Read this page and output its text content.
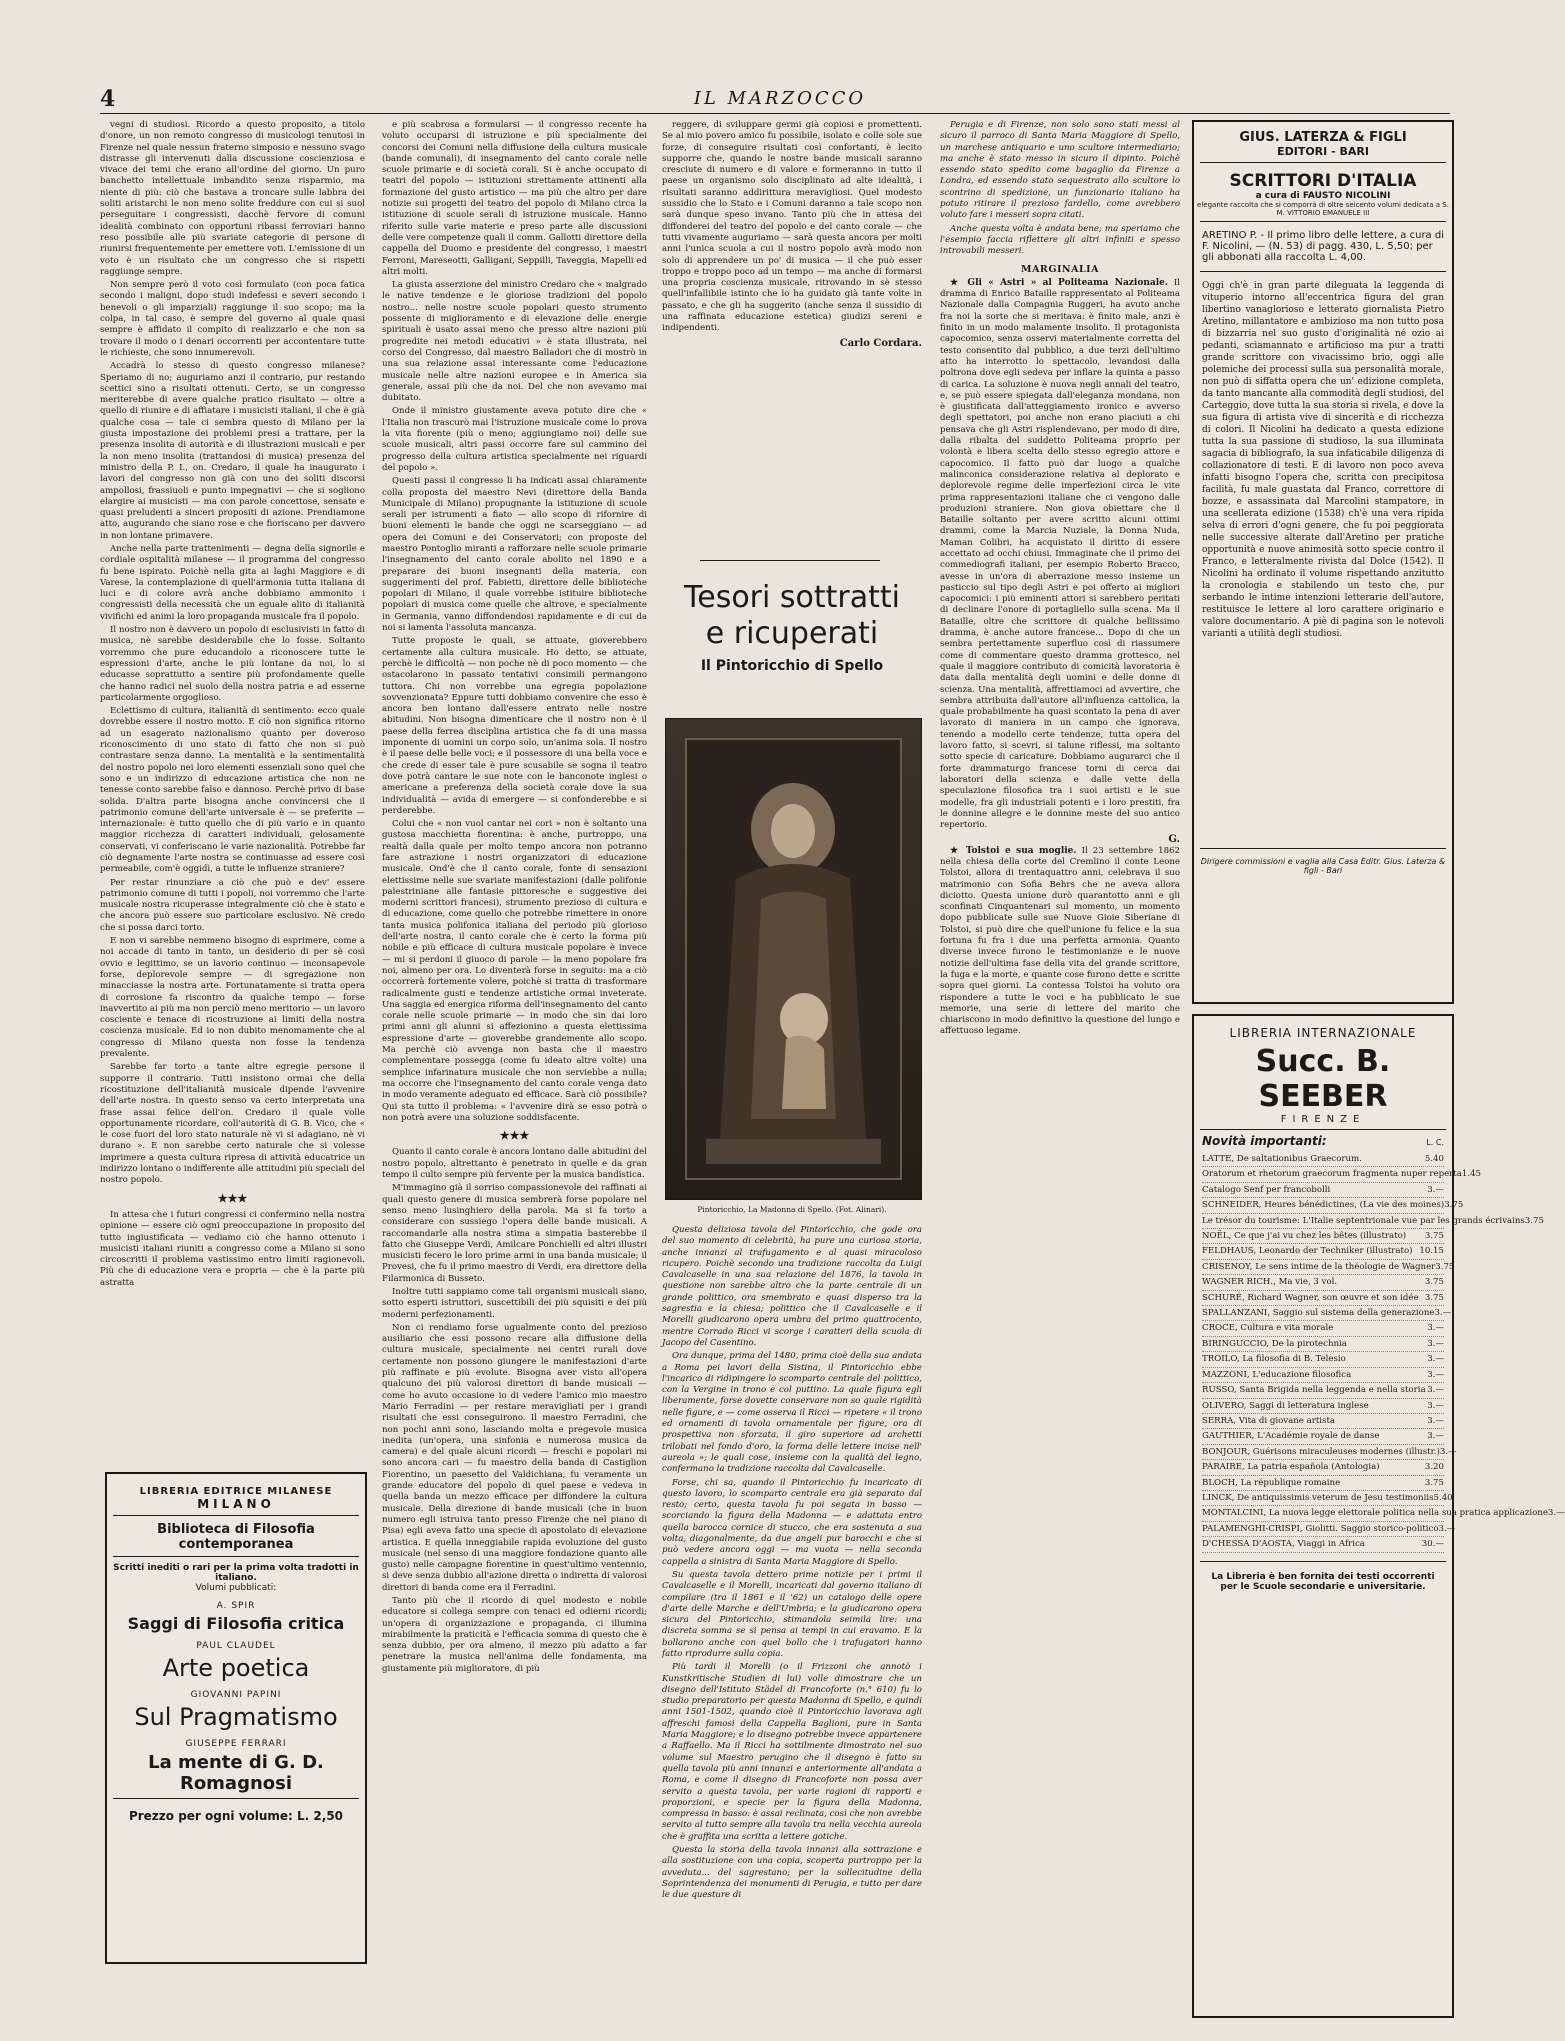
4	IL MARZOCCO

vegni di studiosi. Ricordo a questo proposito, a titolo d'onore, un non remoto congresso di musicologi tenutosi in Firenze nel quale nessun fraterno simposio e nessuno svago distrasse gli intervenuti dalla discussione coscienziosa e vivace dei temi che erano all'ordine del giorno. Un puro banchetto intellettuale imbandito senza risparmio, ma niente di più: ciò che bastava a troncare sulle labbra dei soliti aristarchi le non meno solite freddure con cui si suol perseguitare i congressisti, dacchè fervore di comuni idealità combinato con opportuni ribassi ferroviari hanno reso possibile alle più svariate categorie di persone di riunirsi frequentemente per emettere voti. L'emissione di un voto è un risultato che un congresso che si rispetti raggiunge sempre.

Non sempre però il voto così formulato (con poca fatica secondo i maligni, dopo studi indefessi e severi secondo i benevoli o gli imparziali) raggiunge il suo scopo; ma la colpa, in tal caso, è sempre del governo al quale quasi sempre è affidato il compito di realizzarlo e che non sa trovare il modo o i denari occorrenti per accontentare tutte le richieste, che sono innumerevoli.

Accadrà lo stesso di questo congresso milanese? Speriamo di no; auguriamo anzi il contrario, pur restando scettici sino a risultati ottenuti. Certo, se un congresso meriterebbe di avere qualche pratico risultato — oltre a quello di riunire e di affiatare i musicisti italiani, il che è già qualche cosa — tale ci sembra questo di Milano per la giusta impostazione dei problemi presi a trattare, per la presenza insolita di autorità e di illustrazioni musicali e per la non meno insolita (trattandosi di musica) presenza del ministro della P. I., on. Credaro, il quale ha inaugurato i lavori del congresso non già con uno dei soliti discorsi ampollosi, frassiuoli e punto impegnativi — che si sogliono elargire ai musicisti — ma con parole concettose, sensate e quasi preludenti a sinceri propositi di azione. Prendiamone atto, augurando che siano rose e che fioriscano per davvero in non lontane primavere.

Anche nella parte trattenimenti — degna della signorile e cordiale ospitalità milanese — il programma del congresso fu bene ispirato. Poichè nella gita ai laghi Maggiore e di Varese, la contemplazione di quell'armonia tutta italiana di luci e di colore avrà anche dobbiamo ammonito i congressisti della necessità che un eguale alito di italianità vivifichi ed animi la loro propaganda musicale fra il popolo.

Il nostro non è davvero un popolo di esclusivisti in fatto di musica, nè sarebbe desiderabile che lo fosse. Soltanto vorremmo che pure educandolo a riconoscere tutte le espressioni d'arte, anche le più lontane da noi, lo si educasse soprattutto a sentire più profondamente quelle che hanno radici nel suolo della nostra patria e ad esserne particolarmente orgoglioso.

Eclettismo di cultura, italianità di sentimento: ecco quale dovrebbe essere il nostro motto. E ciò non significa ritorno ad un esagerato nazionalismo quanto per doveroso riconoscimento di uno stato di fatto che non si può contrastare senza danno. La mentalità e la sentimentalità del nostro popolo nei loro elementi essenziali sono quel che sono e un indirizzo di educazione artistica che non ne tenesse conto sarebbe falso e dannoso. Perchè privo di base solida. D'altra parte bisogna anche convincersi che il patrimonio comune dell'arte universale è — se preferite — internazionale: è tutto quello che di più vario e in quanto maggior ricchezza di caratteri individuali, gelosamente conservati, vi conferiscano le varie nazionalità. Potrebbe far ciò degnamente l'arte nostra se continuasse ad essere così permeabile, com'è oggidì, a tutte le influenze straniere?

Per restar rinunziare a ciò che può e dev' essere patrimonio comune di tutti i popoli, noi vorremmo che l'arte musicale nostra ricuperasse integralmente ciò che è stato e che ancora può essere suo particolare esclusivo. Nè credo che si possa darci torto.

E non vi sarebbe nemmeno bisogno di esprimere, come a noi accade di tanto in tanto, un desiderio di per sè così ovvio e legittimo, se un lavorio continuo — inconsapevole forse, deplorevole sempre — di sgregazione non minacciasse la nostra arte. Fortunatamente si tratta opera di corrosione fa riscontro da qualche tempo — forse inavvertito ai più ma non perciò meno meritorio — un lavoro cosciente e tenace di ricostruzione ai limiti della nostra coscienza musicale. Ed io non dubito menomamente che al congresso di Milano questa non fosse la tendenza prevalente.

Sarebbe far torto a tante altre egregie persone il supporre il contrario. Tutti insistono ormai che della ricostituzione dell'italianità musicale dipende l'avvenire dell'arte nostra. In questo senso va certo interpretata una frase assai felice dell'on. Credaro il quale volle opportunamente ricordare, coll'autorità di G. B. Vico, che « le cose fuori del loro stato naturale nè vi si adagiano, nè vi durano ». E non sarebbe certo naturale che si volesse imprimere a questa cultura ripresa di attività educatrice un indirizzo lontano o indifferente alle attitudini più speciali del nostro popolo.

★★★

In attesa che i futuri congressi ci confermino nella nostra opinione — essere ciò ogni preoccupazione in proposito del tutto ingiustificata — vediamo ciò che hanno ottenuto i musicisti italiani riuniti a congresso come a Milano si sono circoscritti il problema vastissimo entro limiti ragionevoli. Più che di educazione vera e propria — che è la parte più astratta

LIBRERIA EDITRICE MILANESE
MILANO
Biblioteca di Filosofia contemporanea
Scritti inediti o rari per la prima volta tradotti in italiano.
Volumi pubblicati:
A. SPIR
Saggi di Filosofia critica
PAUL CLAUDEL
Arte poetica
GIOVANNI PAPINI
Sul Pragmatismo
GIUSEPPE FERRARI
La mente di G. D. Romagnosi
Prezzo per ogni volume: L. 2,50

e più scabrosa a formularsi — il congresso recente ha voluto occuparsi di istruzione e più specialmente dei concorsi dei Comuni nella diffusione della cultura musicale (bande comunali), di insegnamento del canto corale nelle scuole primarie e di società corali. Si è anche occupato di teatri del popolo — istituzioni strettamente attinenti alla formazione del gusto artistico — ma più che altro per dare notizie sui progetti del teatro del popolo di Milano circa la istituzione di scuole serali di istruzione musicale. Hanno riferito sulle varie materie e preso parte alle discussioni delle vere competenze quali il comm. Gallotti direttore della cappella del Duomo e presidente del congresso, i maestri Ferroni, Mareseotti, Galligani, Seppilli, Taveggia, Mapelli ed altri molti.

La giusta asserzione del ministro Credaro che « malgrado le native tendenze e le gloriose tradizioni del popolo nostro... nelle nostre scuole popolari questo strumento possente di miglioramento e di elevazione delle energie spirituali è usato assai meno che presso altre nazioni più progredite nei metodi educativi » è stata illustrata, nel corso del Congresso, dal maestro Balladori che di mostrò in una sua relazione assai interessante come l'educazione musicale nelle altre nazioni europee e in America sia generale, assai più che da noi. Del che non avevamo mai dubitato.

Onde il ministro giustamente aveva potuto dire che « l'Italia non trascurò mai l'istruzione musicale come lo prova la vita fiorente (più o meno; aggiungiamo noi) delle sue scuole musicali, altri passi occorre fare sul cammino del progresso della cultura artistica specialmente nei riguardi del popolo ».

Questi passi il congresso li ha indicati assai chiaramente colla proposta del maestro Nevi (direttore della Banda Municipale di Milano) propugnante la istituzione di scuole serali per istrumenti a fiato — allo scopo di rifornire di buoni elementi le bande che oggi ne scarseggiano — ad opera dei Comuni e dei Conservatori; con proposte del maestro Pontoglio miranti a rafforzare nelle scuole primarie l'insegnamento del canto corale abolito nel 1890 e a preparare dei buoni insegnanti della materia, con suggerimenti del prof. Fabietti, direttore delle biblioteche popolari di Milano, il quale vorrebbe istituire biblioteche popolari di musica come quelle che altrove, e specialmente in Germania, vanno diffondendosi rapidamente e di cui da noi si lamenta l'assoluta mancanza.

Tutte proposte le quali, se attuate, gioverebbero certamente alla cultura musicale. Ho detto, se attuate, perchè le difficoltà — non poche nè di poco momento — che ostacolarono in passato tentativi consimili permangono tuttora. Chi non vorrebbe una egregia popolazione sovvenzionata? Eppure tutti dobbiamo convenire che esso è ancora ben lontano dall'essere entrato nelle nostre abitudini. Non bisogna dimenticare che il nostro non è il paese della ferrea disciplina artistica che fa di una massa imponente di uomini un corpo solo, un'anima sola. Il nostro è il paese delle belle voci; e il possessore di una bella voce e che crede di esser tale è pure scusabile se sogna il teatro dove potrà cantare le sue note con le banconote inglesi o americane a preferenza della società corale dove la sua individualità — avida di emergere — si confonderebbe e si perderebbe.

Colui che « non vuol cantar nei cori » non è soltanto una gustosa macchietta fiorentina: è anche, purtroppo, una realtà dalla quale per molto tempo ancora non potranno fare astrazione i nostri organizzatori di educazione musicale. Ond'è che il canto corale, fonte di sensazioni elettissime nelle sue svariate manifestazioni (dalle polifonie palestriniane alle fantasie pittoresche e suggestive dei moderni scrittori francesi), strumento prezioso di cultura e di educazione, come quello che potrebbe rimettere in onore tanta musica polifonica italiana del periodo più glorioso dell'arte nostra, il canto corale che è certo la forma più nobile e più efficace di cultura musicale popolare è invece — mi si perdoni il giuoco di parole — la meno popolare fra noi, almeno per ora. Lo diventerà forse in seguito: ma a ciò occorrerà fortemente volere, poichè si tratta di trasformare radicalmente gusti e tendenze artistiche ormai inveterate. Una saggia ed energica riforma dell'insegnamento del canto corale nelle scuole primarie — in modo che sin dai loro primi anni gli alunni si affezionino a questa elettissima espressione d'arte — gioverebbe grandemente allo scopo. Ma perchè ciò avvenga non basta che il maestro complementare possegga (come fu ideato altre volte) una semplice infarinatura musicale che non serviebbe a nulla; ma occorre che l'insegnamento del canto corale venga dato in modo veramente adeguato ed efficace. Sarà ciò possibile? Qui sta tutto il problema: « l'avvenire dirà se esso potrà o non potrà avere una soluzione soddisfacente.

★★★

Quanto il canto corale è ancora lontano dalle abitudini del nostro popolo, altrettanto è penetrato in quelle e da gran tempo il culto sempre più fervente per la musica bandistica.

M'immagino già il sorriso compassionevole dei raffinati ai quali questo genere di musica sembrerà forse popolare nel senso meno lusinghiero della parola. Ma si fa torto a considerare con sussiego l'opera delle bande musicali. A raccomandarle alla nostra stima a simpatia basterebbe il fatto che Giuseppe Verdi, Amilcare Ponchielli ed altri illustri musicisti fecero le loro prime armi in una banda musicale; il Provesi, che fu il primo maestro di Verdi, era direttore della Filarmonica di Busseto.

Inoltre tutti sappiamo come tali organismi musicali siano, sotto esperti istruttori, suscettibili dei più squisiti e dei più moderni perfezionamenti.

Non ci rendiamo forse ugualmente conto del prezioso ausiliario che essi possono recare alla diffusione della cultura musicale, specialmente nei centri rurali dove certamente non possono giungere le manifestazioni d'arte più raffinate e più evolute. Bisogna aver visto all'opera qualcuno dei più valorosi direttori di bande musicali — come ho avuto occasione io di vedere l'amico mio maestro Mario Ferradini — per restare meravigliati per i grandi risultati che essi conseguirono. Il maestro Ferradini, che non pochi anni sono, lasciando molta e pregevole musica inedita (un'opera, una sinfonia e numerosa musica da camera) e del quale alcuni ricordi — freschi e popolari mi sono ancora cari — fu maestro della banda di Castiglion Fiorentino, un paesetto del Valdichiana, fu veramente un grande educatore del popolo di quel paese e vedeva in quella banda un mezzo efficace per diffondere la cultura musicale. Della direzione di bande musicali (che in buon numero egli istruiva tanto presso Firenze che nel piano di Pisa) egli aveva fatto una specie di apostolato di elevazione artistica. E quella inneggiabile rapida evoluzione del gusto musicale (nel senso di una maggiore fondazione quanto alle gusto) nelle campagne fiorentine in quest'ultimo ventennio, si deve senza dubbio all'azione diretta o indiretta di valorosi direttori di banda come era il Ferradini.

Tanto più che il ricordo di quel modesto e nobile educatore si collega sempre con tenaci ed odierni ricordi; un'opera di organizzazione e propaganda, ci illumina mirabilmente la praticità e l'efficacia somma di questo che è senza dubbio, per ora almeno, il mezzo più adatto a far penetrare la musica nell'anima delle fondamenta, ma giustamente più miglioratore, di più

reggere, di sviluppare germi già copiosi e promettenti. Se al mio povero amico fu possibile, isolato e colle sole sue forze, di conseguire risultati così confortanti, è lecito supporre che, quando le nostre bande musicali saranno cresciute di numero e di valore e formeranno in tutto il paese un organismo solo disciplinato ad alte idealità, i risultati saranno addirittura meravigliosi. Quel modesto sussidio che lo Stato e i Comuni daranno a tale scopo non sarà dunque speso invano. Tanto più che in attesa dei diffonderei del teatro del popolo e del canto corale — che tutti vivamente auguriamo — sarà questa ancora per molti anni l'unica scuola a cui il nostro popolo avrà modo non solo di apprendere un po' di musica — il che può esser troppo e troppo poco ad un tempo — ma anche di formarsi una propria coscienza musicale, ritrovando in sè stesso quell'infallibile istinto che lo ha guidato già tante volte in passato, e che gli ha suggerito (anche senza il sussidio di una raffinata educazione estetica) giudizi sereni e indipendenti.

Carlo Cordara.
Tesori sottratti
e ricuperati
Il Pintoricchio di Spello
Pintoricchio, La Madonna di Spello. (Fot. Alinari).

Questa deliziosa tavola del Pintoricchio, che gode ora del suo momento di celebrità, ha pure una curiosa storia, anche innanzi al trafugamento e al quasi miracoloso ricupero. Poichè secondo una tradizione raccolta da Luigi Cavalcaselle in una sua relazione del 1876, la tavola in questione non sarebbe altro che la parte centrale di un grande polittico, ora smembrato e quasi disperso tra la sagrestia e la chiesa; polittico che il Cavalcaselle e il Morelli giudicarono opera umbra del primo quattrocento, mentre Corrado Ricci vi scorge i caratteri della scuola di Jacopo del Casentino.

Ora dunque, prima del 1480, prima cioè della sua andata a Roma pei lavori della Sistina, il Pintoricchio ebbe l'incarico di ridipingere lo scomparto centrale del polittico, con la Vergine in trono e col puttino. La quale figura egli liberamente, forse dovette conservare non so quale rigidità nelle figure, e — come osserva il Ricci — ripetere « il trono ed ornamenti di tavola ornamentale per figure, ora di prospettiva non sforzata, il giro superiore ad archetti trilobati nel fondo d'oro, la forma delle lettere incise nell' aureola »; le quali cose, insieme con la qualità del legno, confermano la tradizione raccolta dal Cavalcaselle.

Forse, chi sa, quando il Pintoricchio fu incaricato di questo lavoro, lo scomparto centrale era già separato dal resto; certo, questa tavola fu poi segata in basso — scorciando la figura della Madonna — e adattata entro quella barocca cornice di stucco, che era sostenuta a sua volta, diagonalmente, da due angeli pur barocchi e che si può vedere ancora oggi — ma vuota — nella seconda cappella a sinistra di Santa Maria Maggiore di Spello.

Su questa tavola dettero prime notizie per i primi il Cavalcaselle e il Morelli, incaricati dal governo italiano di compilare (tra il 1861 e il '62) un catalogo delle opere d'arte delle Marche e dell'Umbria; e la giudicarono opera sicura del Pintoricchio, stimandola seimila lire: una discreta somma se si pensa ai tempi in cui eravamo. E la bollarono anche con quel bollo che i trafugatori hanno fatto riprodurre sulla copia.

Più tardi il Morelli (o il Frizzoni che annotò i Kunstkritische Studien di lui) volle dimostrare che un disegno dell'Istituto Städel di Francoforte (n.° 610) fu lo studio preparatorio per questa Madonna di Spello, e quindi anni 1501-1502, quando cioè il Pintoricchio lavorava agli affreschi famosi della Cappella Baglioni, pure in Santa Maria Maggiore; e lo disegno potrebbe invece appartenere a Raffaello. Ma il Ricci ha sottilmente dimostrato nel suo volume sul Maestro perugino che il disegno è fatto su quella tavola più anni innanzi e anteriormente all'andata a Roma, e come il disegno di Francoforte non possa aver servito a questa tavola, per varie ragioni di rapporti e proporzioni, e specie per la figura della Madonna, compressa in basso: è assai reclinata, così che non avrebbe servito al tutto sempre alla tavola tra nella vecchia aureola che è graffita una scritta a lettere gotiche.

Questa la storia della tavola innanzi alla sottrazione e alla sostituzione con una copia, scoperta purtroppo per la avveduta... del sagrestano; per la sollecitudine della Soprintendenza dei monumenti di Perugia, e tutto per dare le due questure di

Perugia e di Firenze, non solo sono stati messi al sicuro il parroco di Santa Maria Maggiore di Spello, un marchese antiquario e uno scultore intermediario; ma anche è stato messo in sicuro il dipinto. Poichè essendo stato spedito come bagaglio da Firenze a Londra, ed essendo stato sequestrato allo scultore lo scontrino di spedizione, un funzionario italiano ha potuto ritirare il prezioso fardello, come avrebbero voluto fare i messeri sopra citati.

Anche questa volta è andata bene; ma speriamo che l'esempio faccia riflettere gli altri infiniti e spesso introvabili messeri.

MARGINALIA

★ Gli « Astri » al Politeama Nazionale. Il dramma di Enrico Bataille rappresentato al Politeama Nazionale dalla Compagnia Ruggeri, ha avuto anche fra noi la sorte che si meritava: è finito male, anzi è finito in un modo malamente insolito. Il protagonista capocomico, senza osservi materialmente corretta del testo consentito dal pubblico, a due terzi dell'ultimo atto ha interrotto lo spettacolo, levandosi dalla poltrona dove egli sedeva per inflare la quinta a passo di carica. La soluzione è nuova negli annali del teatro, e, se può essere spiegata dall'eleganza mondana, non è giustificata dall'atteggiamento ironico e avverso degli spettatori, poi anche non erano piaciuti a chi pensava che gli Astri risplendevano, per modo di dire, dalla ribalta del suddetto Politeama proprio per volontà e libera scelta dello stesso egregio attore e capocomico. Il fatto può dar luogo a qualche malinconica considerazione relativa al deplorato e deplorevole regime delle imperfezioni circa le vite prima rappresentazioni italiane che ci vengono dalle produzioni straniere. Non giova obiettare che il Bataille soltanto per avere scritto alcuni ottimi drammi, come la Marcia Nuziale, la Donna Nuda, Maman Colibri, ha acquistato il diritto di essere accettato ad occhi chiusi. Immaginate che il primo dei commediografi italiani, per esempio Roberto Bracco, avesse in un'ora di aberrazione messo insieme un pasticcio sul tipo degli Astri e poi offerto ai migliori capocomici: i più eminenti attori si sarebbero peritati di declinare l'onore di portagliello sulla scena. Ma il Bataille, oltre che scrittore di qualche bellissimo dramma, è anche autore francese... Dopo di che un sembra pertettamente superfluo così di riassumere come di commentare questo dramma grottesco, nel quale il maggiore contributo di comicità lavoratoria è data dalla mentalità degli uomini e delle donne di scienza. Una mentalità, affrettiamoci ad avvertire, che sembra attribuita dall'autore all'influenza cattolica, la quale probabilmente ha quasi scontato la pena di aver lavorato di maniera in un campo che ignorava, tenendo a modello certe tendenze, tutta opera del lavoro fatto, si scevri, si talune riflessi, ma soltanto sotto specie di caricature. Dobbiamo augurarci che il forte drammaturgo francese torni di cerca dai laboratori della scienza e dalle vette della speculazione filosofica tra i suoi artisti e le sue modelle, fra gli industriali potenti e i loro prestiti, fra le donnine allegre e le donnine meste del suo antico repertorio.

G.

★ Tolstoi e sua moglie. Il 23 settembre 1862 nella chiesa della corte del Cremlino il conte Leone Tolstoi, allora di trentaquattro anni, celebrava il suo matrimonio con Sofia Behrs che ne aveva allora diciotto. Questa unione durò quarantotto anni e gli sconfinati Cinquantenari sul momento, un momento dopo pubblicate sulle sue Nuove Gioie Siberiane di Tolstoi, si può dire che quell'unione fu felice e la sua fortuna fu fra i due una perfetta armonia. Quanto diverse invece furono le testimonianze e le nuove notizie dell'ultima fase della vita del grande scrittore, la fuga e la morte, e quante cose furono dette e scritte sopra quei giorni. La contessa Tolstoi ha voluto ora rispondere a tutte le voci e ha pubblicato le sue memorie, una serie di lettere del marito che chiariscono in modo definitivo la questione del lungo e affettuoso legame.

GIUS. LATERZA & FIGLI
EDITORI - BARI
SCRITTORI D'ITALIA
a cura di FAUSTO NICOLINI
elegante raccolta che si comporrà di oltre seicento volumi dedicata a S. M. VITTORIO EMANUELE III
ARETINO P. - Il primo libro delle lettere, a cura di F. Nicolini, — (N. 53) di pagg. 430, L. 5,50; per gli abbonati alla raccolta L. 4,00.
Oggi ch'è in gran parte dileguata la leggenda di vituperio intorno all'eccentrica figura del gran libertino vanaglorioso e letterato giornalista Pietro Aretino, millantatore e ambizioso ma non tutto posa di bizzarria nel suo gusto d'originalità né ozio ai pedanti, sciamannato e artificioso ma pur a tratti grande scrittore con vivacissimo brio, oggi alle polemiche dei processi sulla sua personalità morale, non può di siffatta opera che un' edizione completa, da tanto mancante alla commodità degli studiosi, del Carteggio, dove tutta la sua storia si rivela, e dove la sua figura di artista vive di sincerità e di ricchezza di colori. Il Nicolini ha dedicato a questa edizione tutta la sua passione di studioso, la sua illuminata sagacia di bibliografo, la sua infaticabile diligenza di collazionatore di testi. E di lavoro non poco aveva infatti bisogno l'opera che, scritta con precipitosa facilità, fu male guastata dal Franco, correttore di bozze, e assassinata dal Marcolini stampatore, in una scellerata edizione (1538) ch'è una vera ripida selva di errori d'ogni genere, che fu poi peggiorata nelle successive alterate dall'Aretino per pratiche opportunità e nuove animosità sotto specie contro il Franco, e letteralmente rivista dal Dolce (1542). Il Nicolini ha ordinato il volume rispettando anzitutto la cronologia e stabilendo un testo che, pur serbando le intime intenzioni letterarie dell'autore, restituisce le lettere al loro carattere originario e valore documentario. A piè di pagina son le notevoli varianti a utilità degli studiosi.
Dirigere commissioni e vaglia alla Casa Editr. Gius. Laterza & figli - Bari
LIBRERIA INTERNAZIONALE
Succ. B. SEEBER
FIRENZE
Novità importanti:	L. C.
LATTE, De saltationibus Graecorum.	5.40
Oratorum et rhetorum graecorum fragmenta nuper reperta 1.45
Catalogo Senf per francobolli	3.—
SCHNEIDER, Heures bénédictines, (La vie des moines) 3.75
Le trésor du tourisme: L'Italie septentrionale vue par les grands écrivains 3.75
NOËL, Ce que j'ai vu chez les bêtes (illustrato) 3.75
FELDHAUS, Leonardo der Techniker (illustrato) 10.15
CRISENOY, Le sens intime de la théologie de Wagner 3.75
WAGNER RICH., Ma vie, 3 vol.	3.75
SCHURÉ, Richard Wagner, son œuvre et son idée 3.75
SPALLANZANI, Saggio sul sistema della generazione 3.—
CROCE, Cultura e vita morale	3.—
BIRINGUCCIO, De la pirotechnia	3.—
TROILO, La filosofia di B. Telesio	3.—
MAZZONI, L'educazione filosofica	3.—
RUSSO, Santa Brigida nella leggenda e nella storia 3.—
OLIVERO, Saggi di letteratura inglese	3.—
SERRA, Vita di giovane artista	3.—
GAUTHIER, L'Académie royale de danse	3.—
BONJOUR, Guérisons miraculeuses modernes (illustr.) 3.—
PARAIRE, La patria española (Antologia)	3.20
BLOCH, La république romaine	3.75
LINCK, De antiquissimis veterum de Jesu testimoniis 5.40
MONTALCINI, La nuova legge elettorale politica nella sua pratica applicazione 3.—
PALAMENGHI-CRISPI, Giolitti. Saggio storico-politico 3.—
D'CHESSA D'AOSTA, Viaggi in Africa	30.—
La Libreria è ben fornita dei testi occorrenti per le Scuole secondarie e universitarie.
